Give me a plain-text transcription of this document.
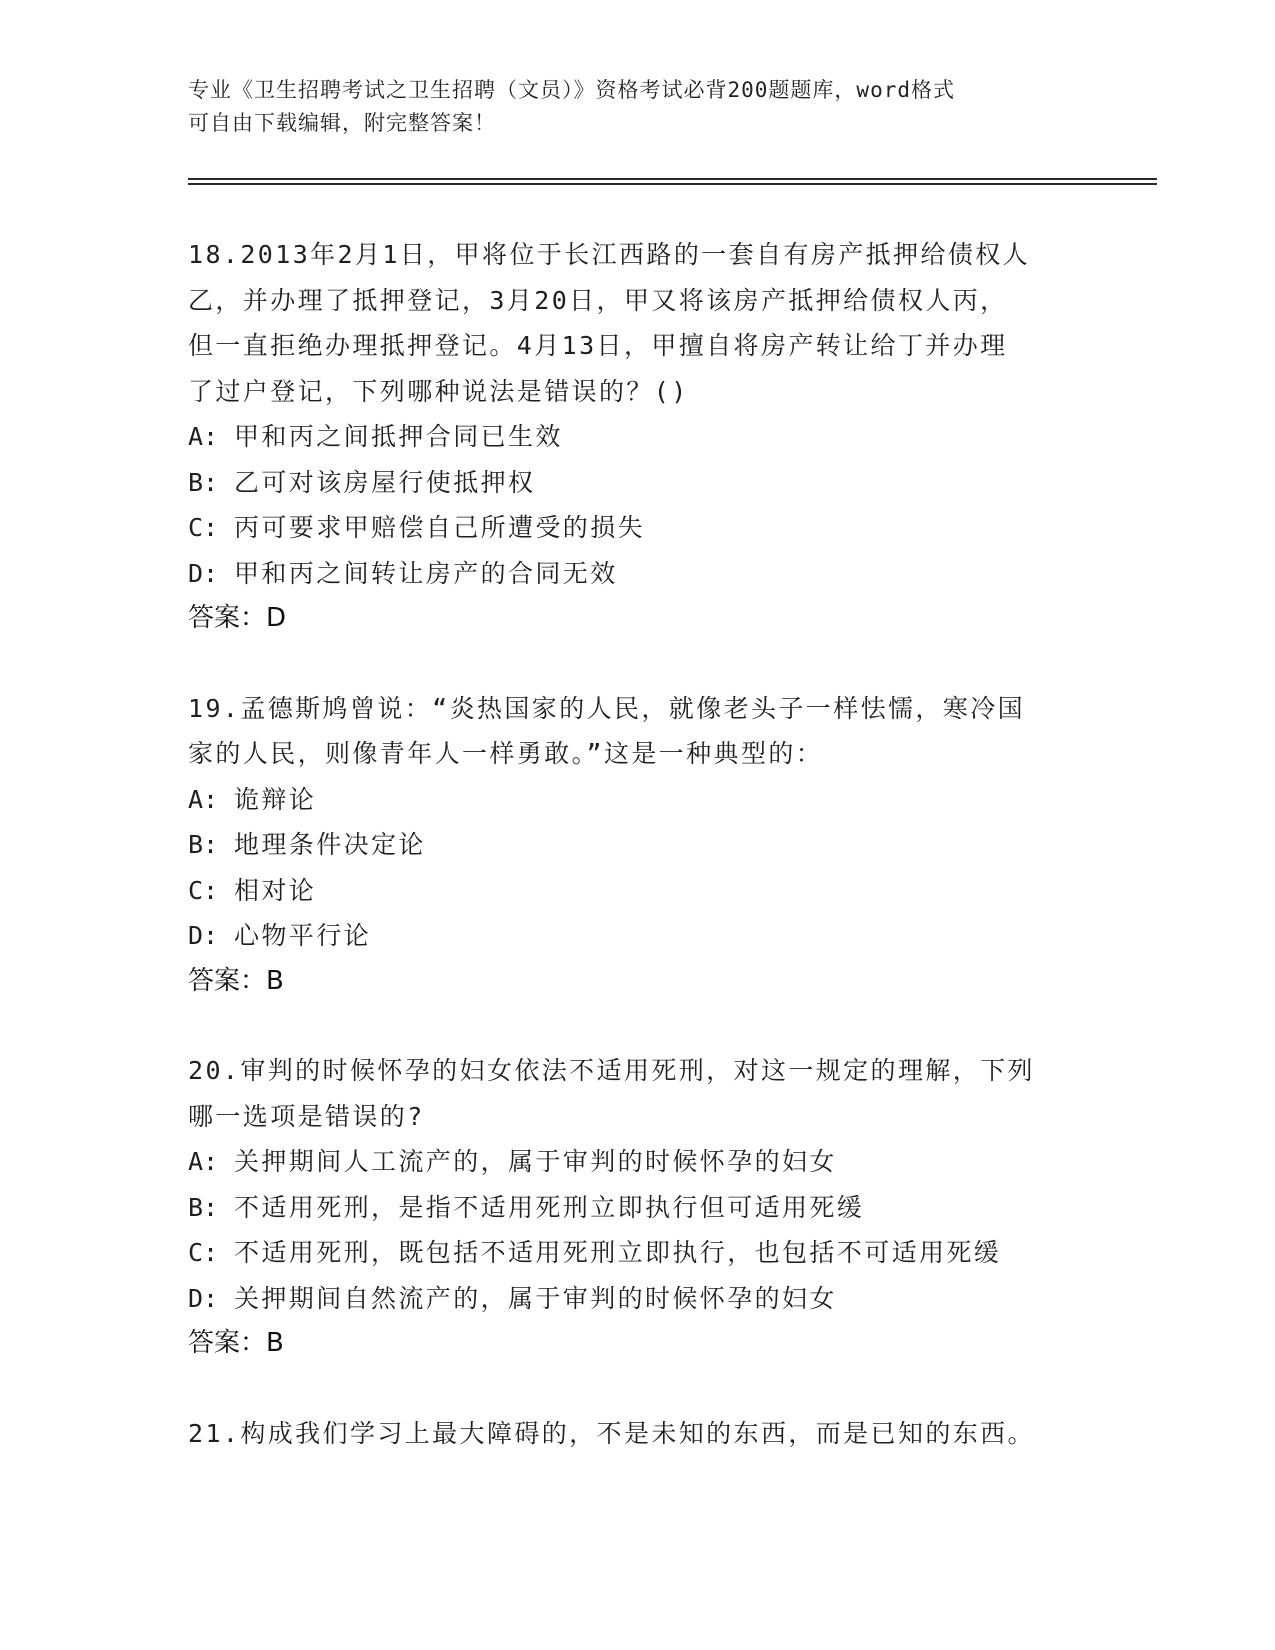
专业《卫生招聘考试之卫生招聘（文员）》资格考试必背200题题库，word格式
可自由下载编辑，附完整答案！
18.2013年2月1日，甲将位于长江西路的一套自有房产抵押给债权人
乙，并办理了抵押登记，3月20日，甲又将该房产抵押给债权人丙，
但一直拒绝办理抵押登记。4月13日，甲擅自将房产转让给丁并办理
了过户登记，下列哪种说法是错误的？()
A: 甲和丙之间抵押合同已生效
B: 乙可对该房屋行使抵押权
C: 丙可要求甲赔偿自己所遭受的损失
D: 甲和丙之间转让房产的合同无效
答案：D
19.孟德斯鸠曾说：“炎热国家的人民，就像老头子一样怯懦，寒冷国
家的人民，则像青年人一样勇敢。”这是一种典型的：
A: 诡辩论
B: 地理条件决定论
C: 相对论
D: 心物平行论
答案：B
20.审判的时候怀孕的妇女依法不适用死刑，对这一规定的理解，下列
哪一选项是错误的?
A: 关押期间人工流产的，属于审判的时候怀孕的妇女
B: 不适用死刑，是指不适用死刑立即执行但可适用死缓
C: 不适用死刑，既包括不适用死刑立即执行，也包括不可适用死缓
D: 关押期间自然流产的，属于审判的时候怀孕的妇女
答案：B
21.构成我们学习上最大障碍的，不是未知的东西，而是已知的东西。
